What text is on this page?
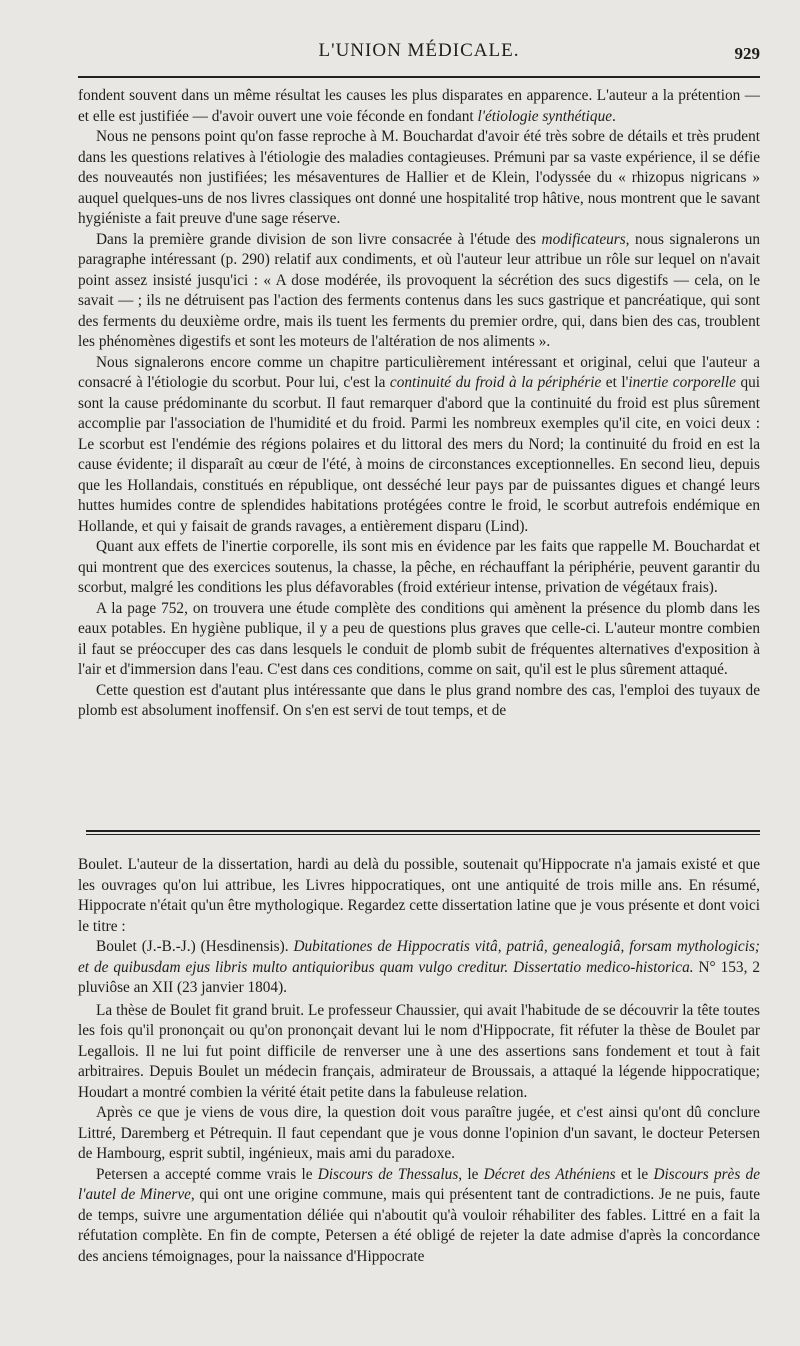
L'UNION MÉDICALE.	929

fondent souvent dans un même résultat les causes les plus disparates en apparence. L'auteur a la prétention — et elle est justifiée — d'avoir ouvert une voie féconde en fondant l'étiologie synthétique.

Nous ne pensons point qu'on fasse reproche à M. Bouchardat d'avoir été très sobre de détails et très prudent dans les questions relatives à l'étiologie des maladies contagieuses. Prémuni par sa vaste expérience, il se défie des nouveautés non justifiées; les mésaventures de Hallier et de Klein, l'odyssée du « rhizopus nigricans » auquel quelques-uns de nos livres classiques ont donné une hospitalité trop hâtive, nous montrent que le savant hygiéniste a fait preuve d'une sage réserve.

Dans la première grande division de son livre consacrée à l'étude des modificateurs, nous signalerons un paragraphe intéressant (p. 290) relatif aux condiments, et où l'auteur leur attribue un rôle sur lequel on n'avait point assez insisté jusqu'ici : « A dose modérée, ils provoquent la sécrétion des sucs digestifs — cela, on le savait — ; ils ne détruisent pas l'action des ferments contenus dans les sucs gastrique et pancréatique, qui sont des ferments du deuxième ordre, mais ils tuent les ferments du premier ordre, qui, dans bien des cas, troublent les phénomènes digestifs et sont les moteurs de l'altération de nos aliments ».

Nous signalerons encore comme un chapitre particulièrement intéressant et original, celui que l'auteur a consacré à l'étiologie du scorbut. Pour lui, c'est la continuité du froid à la périphérie et l'inertie corporelle qui sont la cause prédominante du scorbut. Il faut remarquer d'abord que la continuité du froid est plus sûrement accomplie par l'association de l'humidité et du froid. Parmi les nombreux exemples qu'il cite, en voici deux : Le scorbut est l'endémie des régions polaires et du littoral des mers du Nord; la continuité du froid en est la cause évidente; il disparaît au cœur de l'été, à moins de circonstances exceptionnelles. En second lieu, depuis que les Hollandais, constitués en république, ont desséché leur pays par de puissantes digues et changé leurs huttes humides contre de splendides habitations protégées contre le froid, le scorbut autrefois endémique en Hollande, et qui y faisait de grands ravages, a entièrement disparu (Lind).

Quant aux effets de l'inertie corporelle, ils sont mis en évidence par les faits que rappelle M. Bouchardat et qui montrent que des exercices soutenus, la chasse, la pêche, en réchauffant la périphérie, peuvent garantir du scorbut, malgré les conditions les plus défavorables (froid extérieur intense, privation de végétaux frais).

A la page 752, on trouvera une étude complète des conditions qui amènent la présence du plomb dans les eaux potables. En hygiène publique, il y a peu de questions plus graves que celle-ci. L'auteur montre combien il faut se préoccuper des cas dans lesquels le conduit de plomb subit de fréquentes alternatives d'exposition à l'air et d'immersion dans l'eau. C'est dans ces conditions, comme on sait, qu'il est le plus sûrement attaqué.

Cette question est d'autant plus intéressante que dans le plus grand nombre des cas, l'emploi des tuyaux de plomb est absolument inoffensif. On s'en est servi de tout temps, et de

Boulet. L'auteur de la dissertation, hardi au delà du possible, soutenait qu'Hippocrate n'a jamais existé et que les ouvrages qu'on lui attribue, les Livres hippocratiques, ont une antiquité de trois mille ans. En résumé, Hippocrate n'était qu'un être mythologique. Regardez cette dissertation latine que je vous présente et dont voici le titre :

Boulet (J.-B.-J.) (Hesdinensis). Dubitationes de Hippocratis vitâ, patriâ, genealogiâ, forsam mythologicis; et de quibusdam ejus libris multo antiquioribus quam vulgo creditur. Dissertatio medico-historica. N° 153, 2 pluviôse an XII (23 janvier 1804).

La thèse de Boulet fit grand bruit. Le professeur Chaussier, qui avait l'habitude de se découvrir la tête toutes les fois qu'il prononçait ou qu'on prononçait devant lui le nom d'Hippocrate, fit réfuter la thèse de Boulet par Legallois. Il ne lui fut point difficile de renverser une à une des assertions sans fondement et tout à fait arbitraires. Depuis Boulet un médecin français, admirateur de Broussais, a attaqué la légende hippocratique; Houdart a montré combien la vérité était petite dans la fabuleuse relation.

Après ce que je viens de vous dire, la question doit vous paraître jugée, et c'est ainsi qu'ont dû conclure Littré, Daremberg et Pétrequin. Il faut cependant que je vous donne l'opinion d'un savant, le docteur Petersen de Hambourg, esprit subtil, ingénieux, mais ami du paradoxe.

Petersen a accepté comme vrais le Discours de Thessalus, le Décret des Athéniens et le Discours près de l'autel de Minerve, qui ont une origine commune, mais qui présentent tant de contradictions. Je ne puis, faute de temps, suivre une argumentation déliée qui n'aboutit qu'à vouloir réhabiliter des fables. Littré en a fait la réfutation complète. En fin de compte, Petersen a été obligé de rejeter la date admise d'après la concordance des anciens témoignages, pour la naissance d'Hippocrate
